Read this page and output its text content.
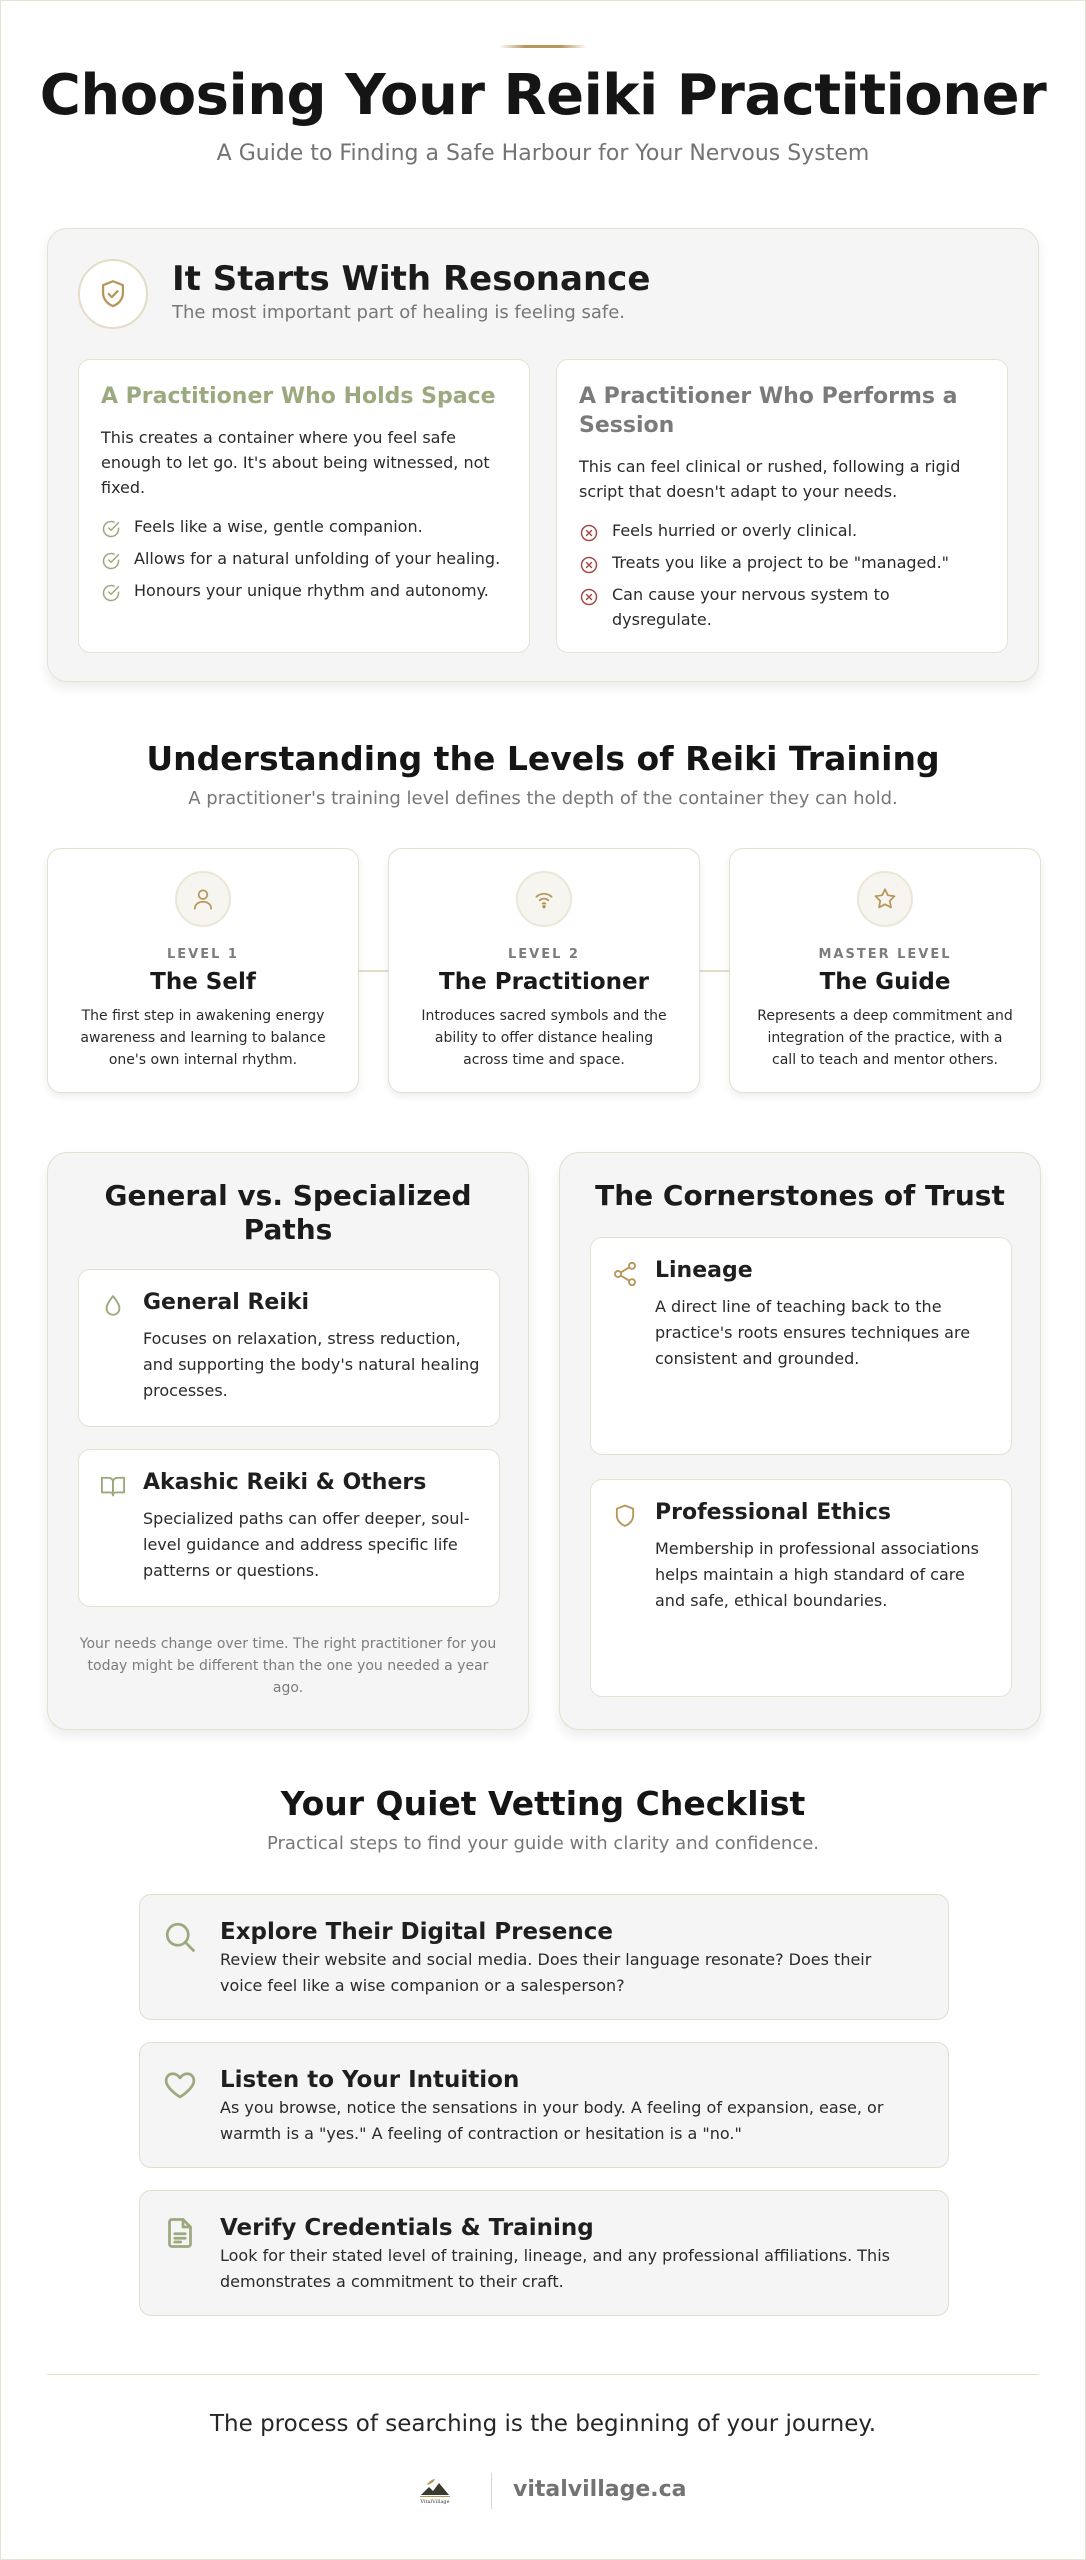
Choosing Your Reiki Practitioner
A Guide to Finding a Safe Harbour for Your Nervous System
It Starts With Resonance
The most important part of healing is feeling safe.
A Practitioner Who Holds Space

This creates a container where you feel safe enough to let go. It's about being witnessed, not fixed.

Feels like a wise, gentle companion.
Allows for a natural unfolding of your healing.
Honours your unique rhythm and autonomy.
A Practitioner Who Performs a Session

This can feel clinical or rushed, following a rigid script that doesn't adapt to your needs.

Feels hurried or overly clinical.
Treats you like a project to be "managed."
Can cause your nervous system to dysregulate.
Understanding the Levels of Reiki Training
A practitioner's training level defines the depth of the container they can hold.
LEVEL 1
The Self
The first step in awakening energy awareness and learning to balance one's own internal rhythm.
LEVEL 2
The Practitioner
Introduces sacred symbols and the ability to offer distance healing across time and space.
MASTER LEVEL
The Guide
Represents a deep commitment and integration of the practice, with a call to teach and mentor others.
General vs. Specialized Paths
General Reiki
Focuses on relaxation, stress reduction, and supporting the body's natural healing processes.
Akashic Reiki & Others
Specialized paths can offer deeper, soul-level guidance and address specific life patterns or questions.
Your needs change over time. The right practitioner for you today might be different than the one you needed a year ago.
The Cornerstones of Trust
Lineage
A direct line of teaching back to the practice's roots ensures techniques are consistent and grounded.
Professional Ethics
Membership in professional associations helps maintain a high standard of care and safe, ethical boundaries.
Your Quiet Vetting Checklist
Practical steps to find your guide with clarity and confidence.
Explore Their Digital Presence
Review their website and social media. Does their language resonate? Does their voice feel like a wise companion or a salesperson?
Listen to Your Intuition
As you browse, notice the sensations in your body. A feeling of expansion, ease, or warmth is a "yes." A feeling of contraction or hesitation is a "no."
Verify Credentials & Training
Look for their stated level of training, lineage, and any professional affiliations. This demonstrates a commitment to their craft.
The process of searching is the beginning of your journey.
VitalVillage	vitalvillage.ca
